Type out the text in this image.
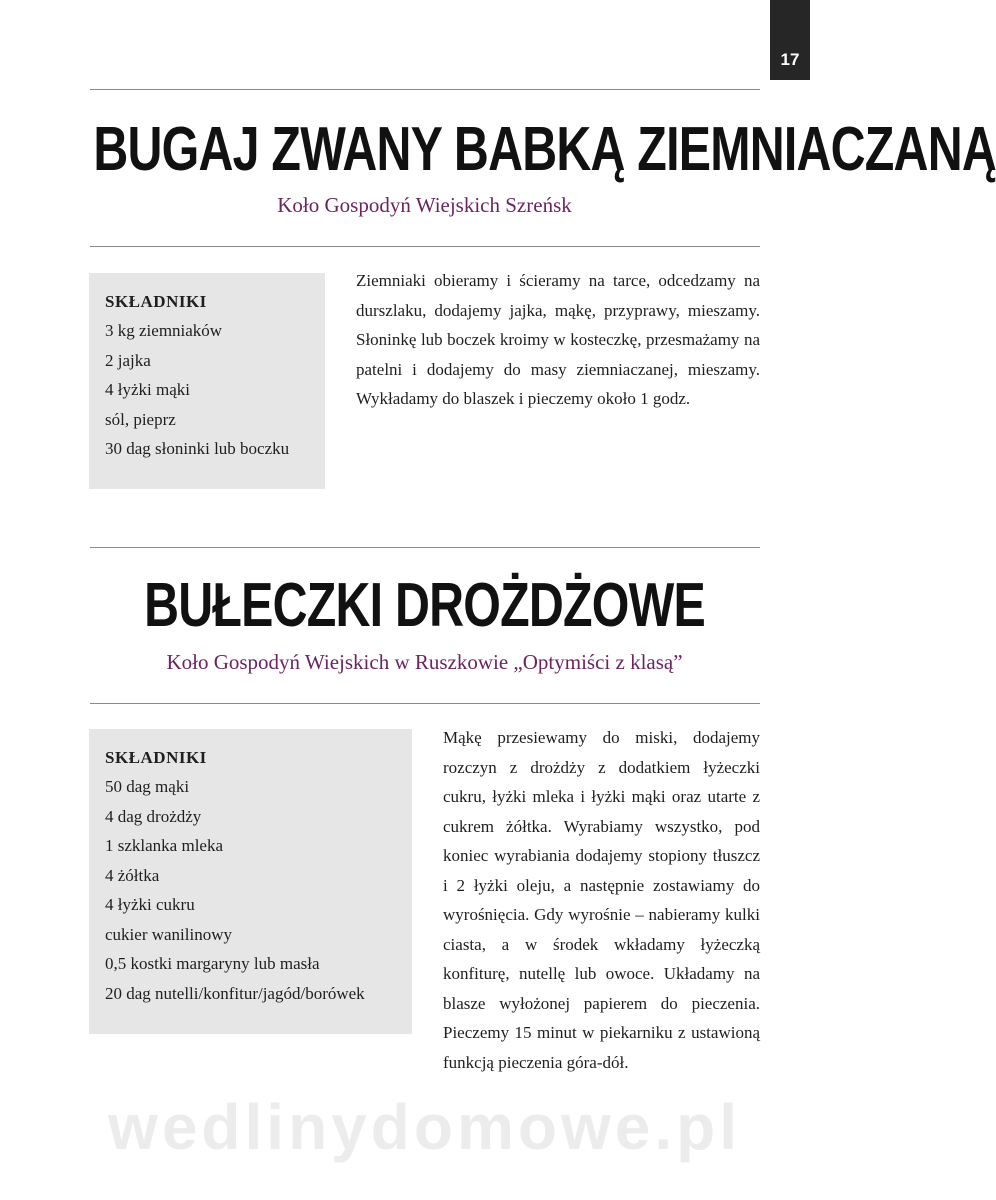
17
BUGAJ ZWANY BABKĄ ZIEMNIACZANĄ
Koło Gospodyń Wiejskich Szreńsk
SKŁADNIKI
3 kg ziemniaków
2 jajka
4 łyżki mąki
sól, pieprz
30 dag słoninki lub boczku

Ziemniaki obieramy i ścieramy na tarce, odcedzamy na durszlaku, dodajemy jajka, mąkę, przyprawy, mieszamy. Słoninkę lub boczek kroimy w kosteczkę, przesmażamy na patelni i dodajemy do masy ziemniaczanej, mieszamy. Wykładamy do blaszek i pieczemy około 1 godz.

BUŁECZKI DROŻDŻOWE
Koło Gospodyń Wiejskich w Ruszkowie „Optymiści z klasą”
SKŁADNIKI
50 dag mąki
4 dag drożdży
1 szklanka mleka
4 żółtka
4 łyżki cukru
cukier wanilinowy
0,5 kostki margaryny lub masła
20 dag nutelli/konfitur/jagód/borówek

Mąkę przesiewamy do miski, dodajemy rozczyn z drożdży z dodatkiem łyżeczki cukru, łyżki mleka i łyżki mąki oraz utarte z cukrem żółtka. Wyrabiamy wszystko, pod koniec wyrabiania dodajemy stopiony tłuszcz i 2 łyżki oleju, a następnie zostawiamy do wyrośnięcia. Gdy wyrośnie – nabieramy kulki ciasta, a w środek wkładamy łyżeczką konfiturę, nutellę lub owoce. Układamy na blasze wyłożonej papierem do pieczenia. Pieczemy 15 minut w piekarniku z ustawioną funkcją pieczenia góra-dół.

wedlinydomowe.pl
